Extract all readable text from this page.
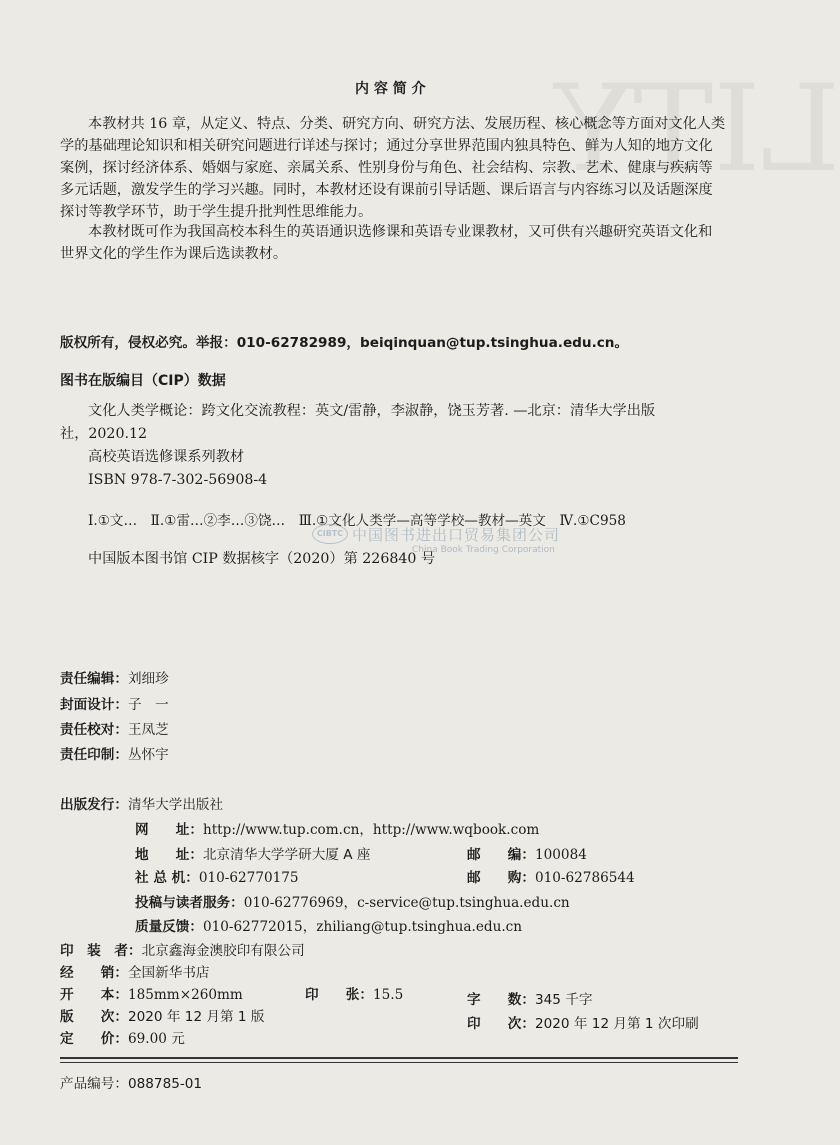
LITY
内 容 简 介
本教材共 16 章，从定义、特点、分类、研究方向、研究方法、发展历程、核心概念等方面对文化人类
学的基础理论知识和相关研究问题进行详述与探讨；通过分享世界范围内独具特色、鲜为人知的地方文化
案例，探讨经济体系、婚姻与家庭、亲属关系、性别身份与角色、社会结构、宗教、艺术、健康与疾病等
多元话题，激发学生的学习兴趣。同时，本教材还设有课前引导话题、课后语言与内容练习以及话题深度
探讨等教学环节，助于学生提升批判性思维能力。
本教材既可作为我国高校本科生的英语通识选修课和英语专业课教材，又可供有兴趣研究英语文化和
世界文化的学生作为课后选读教材。
版权所有，侵权必究。举报：010-62782989，beiqinquan@tup.tsinghua.edu.cn。
图书在版编目（CIP）数据
文化人类学概论：跨文化交流教程：英文/雷静，李淑静，饶玉芳著. —北京：清华大学出版
社，2020.12
高校英语选修课系列教材
ISBN 978-7-302-56908-4
Ⅰ.①文…　Ⅱ.①雷…②李…③饶…　Ⅲ.①文化人类学—高等学校—教材—英文　Ⅳ.①C958
中国版本图书馆 CIP 数据核字（2020）第 226840 号
CIBTC 中国图书进出口贸易集团公司
China Book Trading Corporation
责任编辑：刘细珍
封面设计：子　一
责任校对：王凤芝
责任印制：丛怀宇
出版发行：清华大学出版社
网　　址：http://www.tup.com.cn，http://www.wqbook.com
地　　址：北京清华大学学研大厦 A 座	邮　　编：100084
社 总 机：010-62770175	邮　　购：010-62786544
投稿与读者服务：010-62776969，c-service@tup.tsinghua.edu.cn
质量反馈：010-62772015，zhiliang@tup.tsinghua.edu.cn
印　装　者：北京鑫海金澳胶印有限公司
经　　销：全国新华书店
开　　本：185mm×260mm	印　　张：15.5	字　　数：345 千字
版　　次：2020 年 12 月第 1 版	印　　次：2020 年 12 月第 1 次印刷
定　　价：69.00 元
产品编号：088785-01
